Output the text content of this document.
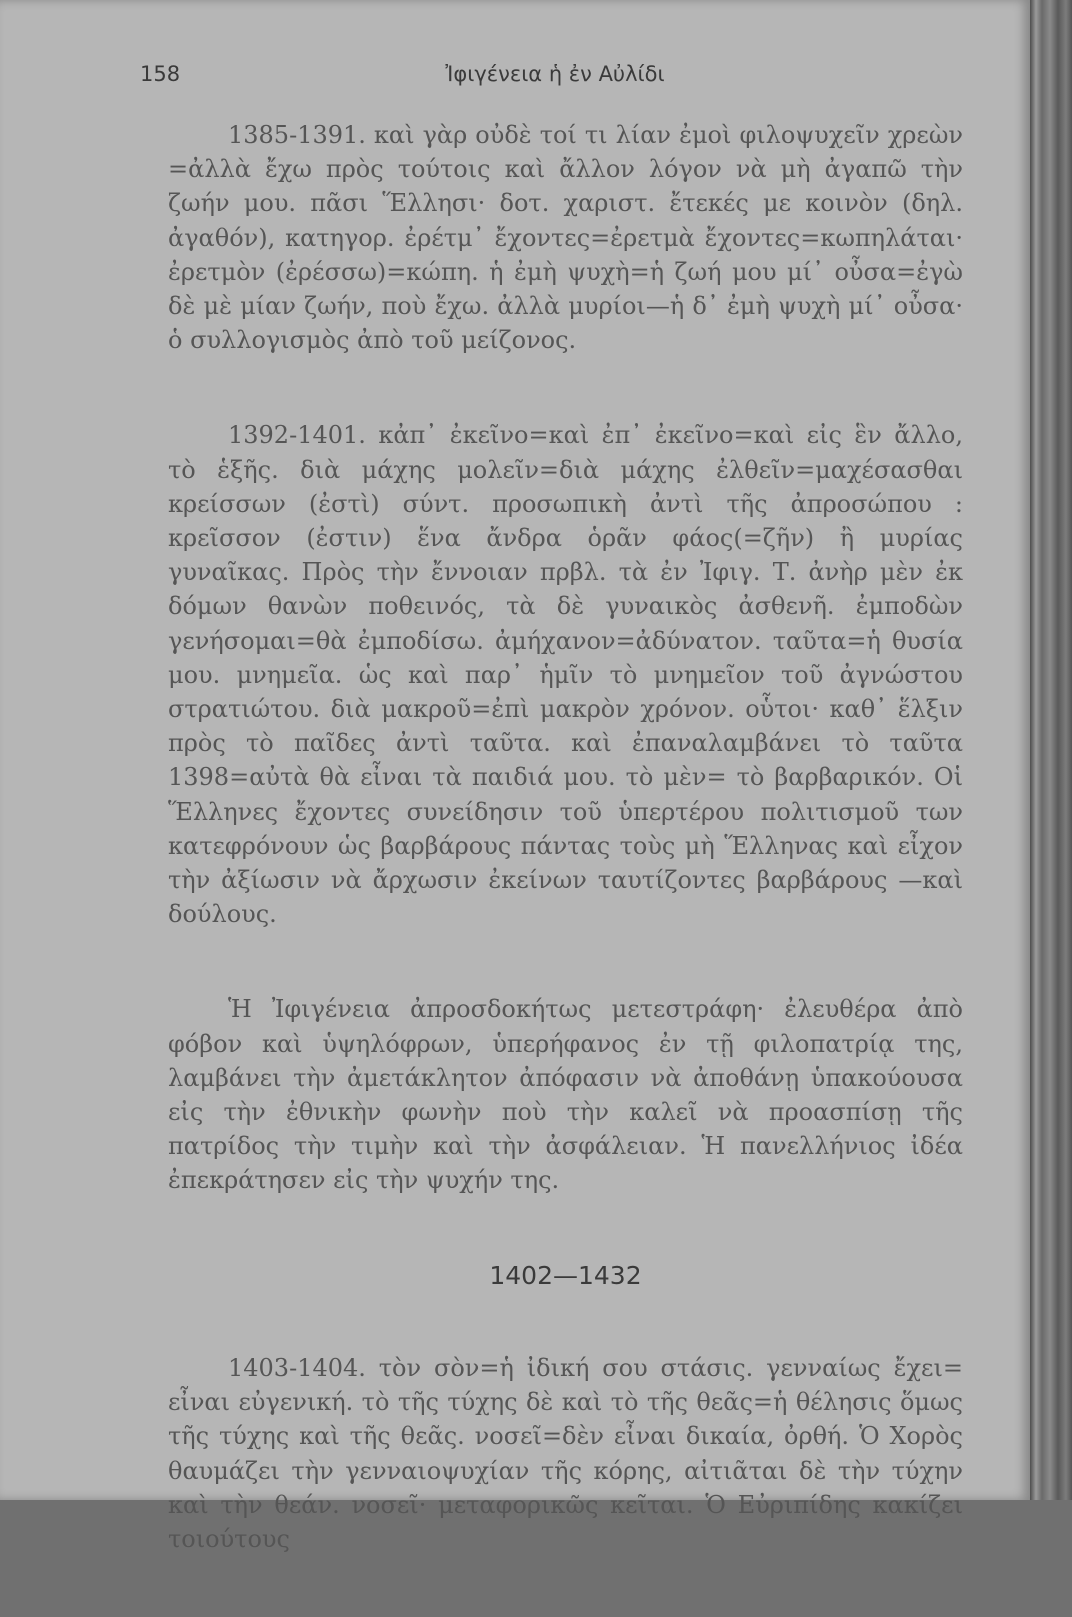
158	Ἰφιγένεια ἡ ἐν Αὐλίδι
1385-1391. καὶ γὰρ οὐδὲ τοί τι λίαν ἐμοὶ φιλοψυχεῖν χρεὼν =ἀλλὰ ἔχω πρὸς τούτοις καὶ ἄλλον λόγον νὰ μὴ ἀγαπῶ τὴν ζωήν μου. πᾶσι Ἕλλησι· δοτ. χαριστ. ἔτεκές με κοινὸν (δηλ. ἀγαθόν), κατηγορ. ἐρέτμ᾽ ἔχοντες=ἐρετμὰ ἔχοντες=κωπηλάται· ἐρετμὸν (ἐρέσσω)=κώπη. ἡ ἐμὴ ψυχὴ=ἡ ζωή μου μί᾽ οὖσα=ἐγὼ δὲ μὲ μίαν ζωήν, ποὺ ἔχω. ἀλλὰ μυρίοι—ἡ δ᾽ ἐμὴ ψυχὴ μί᾽ οὖσα· ὁ συλλογισμὸς ἀπὸ τοῦ μείζονος.
1392-1401. κἀπ᾽ ἐκεῖνο=καὶ ἐπ᾽ ἐκεῖνο=καὶ εἰς ἓν ἄλλο, τὸ ἑξῆς. διὰ μάχης μολεῖν=διὰ μάχης ἐλθεῖν=μαχέσασθαι κρείσσων (ἐστὶ) σύντ. προσωπικὴ ἀντὶ τῆς ἀπροσώπου : κρεῖσσον (ἐστιν) ἕνα ἄνδρα ὁρᾶν φάος(=ζῆν) ἢ μυρίας γυναῖκας. Πρὸς τὴν ἔννοιαν πρβλ. τὰ ἐν Ἰφιγ. Τ. ἀνὴρ μὲν ἐκ δόμων θανὼν ποθεινός, τὰ δὲ γυναικὸς ἀσθενῆ. ἐμποδὼν γενήσομαι=θὰ ἐμποδίσω. ἀμήχανον=ἀδύνατον. ταῦτα=ἡ θυσία μου. μνημεῖα. ὡς καὶ παρ᾽ ἡμῖν τὸ μνημεῖον τοῦ ἀγνώστου στρατιώτου. διὰ μακροῦ=ἐπὶ μακρὸν χρόνον. οὗτοι· καθ᾽ ἕλξιν πρὸς τὸ παῖδες ἀντὶ ταῦτα. καὶ ἐπαναλαμβάνει τὸ ταῦτα 1398=αὐτὰ θὰ εἶναι τὰ παιδιά μου. τὸ μὲν= τὸ βαρβαρικόν. Οἱ Ἕλληνες ἔχοντες συνείδησιν τοῦ ὑπερτέρου πολιτισμοῦ των κατεφρόνουν ὡς βαρβάρους πάντας τοὺς μὴ Ἕλληνας καὶ εἶχον τὴν ἀξίωσιν νὰ ἄρχωσιν ἐκείνων ταυτίζοντες βαρβάρους —καὶ δούλους.
Ἡ Ἰφιγένεια ἀπροσδοκήτως μετεστράφη· ἐλευθέρα ἀπὸ φόβον καὶ ὑψηλόφρων, ὑπερήφανος ἐν τῇ φιλοπατρίᾳ της, λαμβάνει τὴν ἀμετάκλητον ἀπόφασιν νὰ ἀποθάνῃ ὑπακούουσα εἰς τὴν ἐθνικὴν φωνὴν ποὺ τὴν καλεῖ νὰ προασπίσῃ τῆς πατρίδος τὴν τιμὴν καὶ τὴν ἀσφάλειαν. Ἡ πανελλήνιος ἰδέα ἐπεκράτησεν εἰς τὴν ψυχήν της.
1402—1432
1403-1404. τὸν σὸν=ἡ ἰδική σου στάσις. γενναίως ἔχει= εἶναι εὐγενική. τὸ τῆς τύχης δὲ καὶ τὸ τῆς θεᾶς=ἡ θέλησις ὅμως τῆς τύχης καὶ τῆς θεᾶς. νοσεῖ=δὲν εἶναι δικαία, ὀρθή. Ὁ Χορὸς θαυμάζει τὴν γενναιοψυχίαν τῆς κόρης, αἰτιᾶται δὲ τὴν τύχην καὶ τὴν θεάν. νοσεῖ· μεταφορικῶς κεῖται. Ὁ Εὐριπίδης κακίζει τοιούτους
